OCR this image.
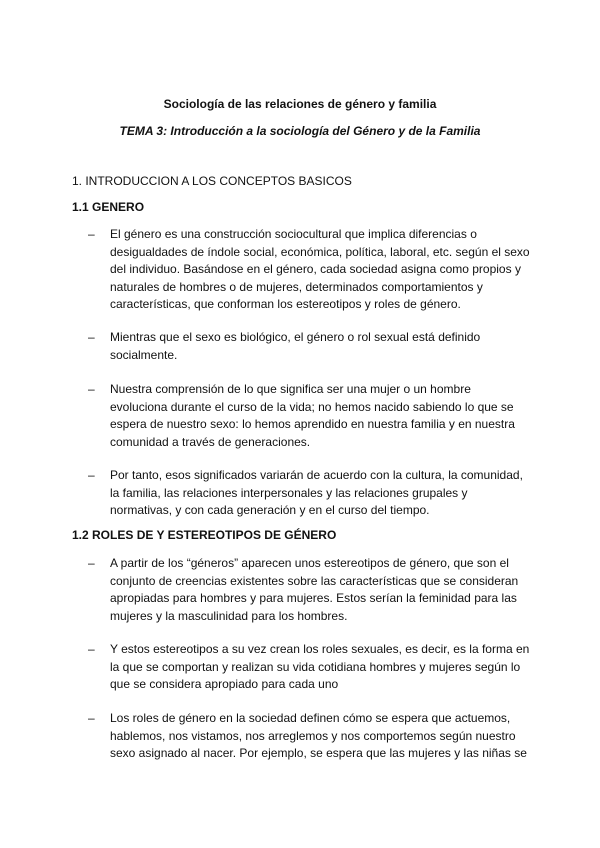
Sociología de las relaciones de género y familia
TEMA 3: Introducción a la sociología del Género y de la Familia
1. INTRODUCCION A LOS CONCEPTOS BASICOS
1.1 GENERO
– El género es una construcción sociocultural que implica diferencias o desigualdades de índole social, económica, política, laboral, etc. según el sexo del individuo. Basándose en el género, cada sociedad asigna como propios y naturales de hombres o de mujeres, determinados comportamientos y características, que conforman los estereotipos y roles de género.
– Mientras que el sexo es biológico, el género o rol sexual está definido socialmente.
– Nuestra comprensión de lo que significa ser una mujer o un hombre evoluciona durante el curso de la vida; no hemos nacido sabiendo lo que se espera de nuestro sexo: lo hemos aprendido en nuestra familia y en nuestra comunidad a través de generaciones.
– Por tanto, esos significados variarán de acuerdo con la cultura, la comunidad, la familia, las relaciones interpersonales y las relaciones grupales y normativas, y con cada generación y en el curso del tiempo.
1.2 ROLES DE Y ESTEREOTIPOS DE GÉNERO
– A partir de los “géneros” aparecen unos estereotipos de género, que son el conjunto de creencias existentes sobre las características que se consideran apropiadas para hombres y para mujeres. Estos serían la feminidad para las mujeres y la masculinidad para los hombres.
– Y estos estereotipos a su vez crean los roles sexuales, es decir, es la forma en la que se comportan y realizan su vida cotidiana hombres y mujeres según lo que se considera apropiado para cada uno
– Los roles de género en la sociedad definen cómo se espera que actuemos, hablemos, nos vistamos, nos arreglemos y nos comportemos según nuestro sexo asignado al nacer. Por ejemplo, se espera que las mujeres y las niñas se
